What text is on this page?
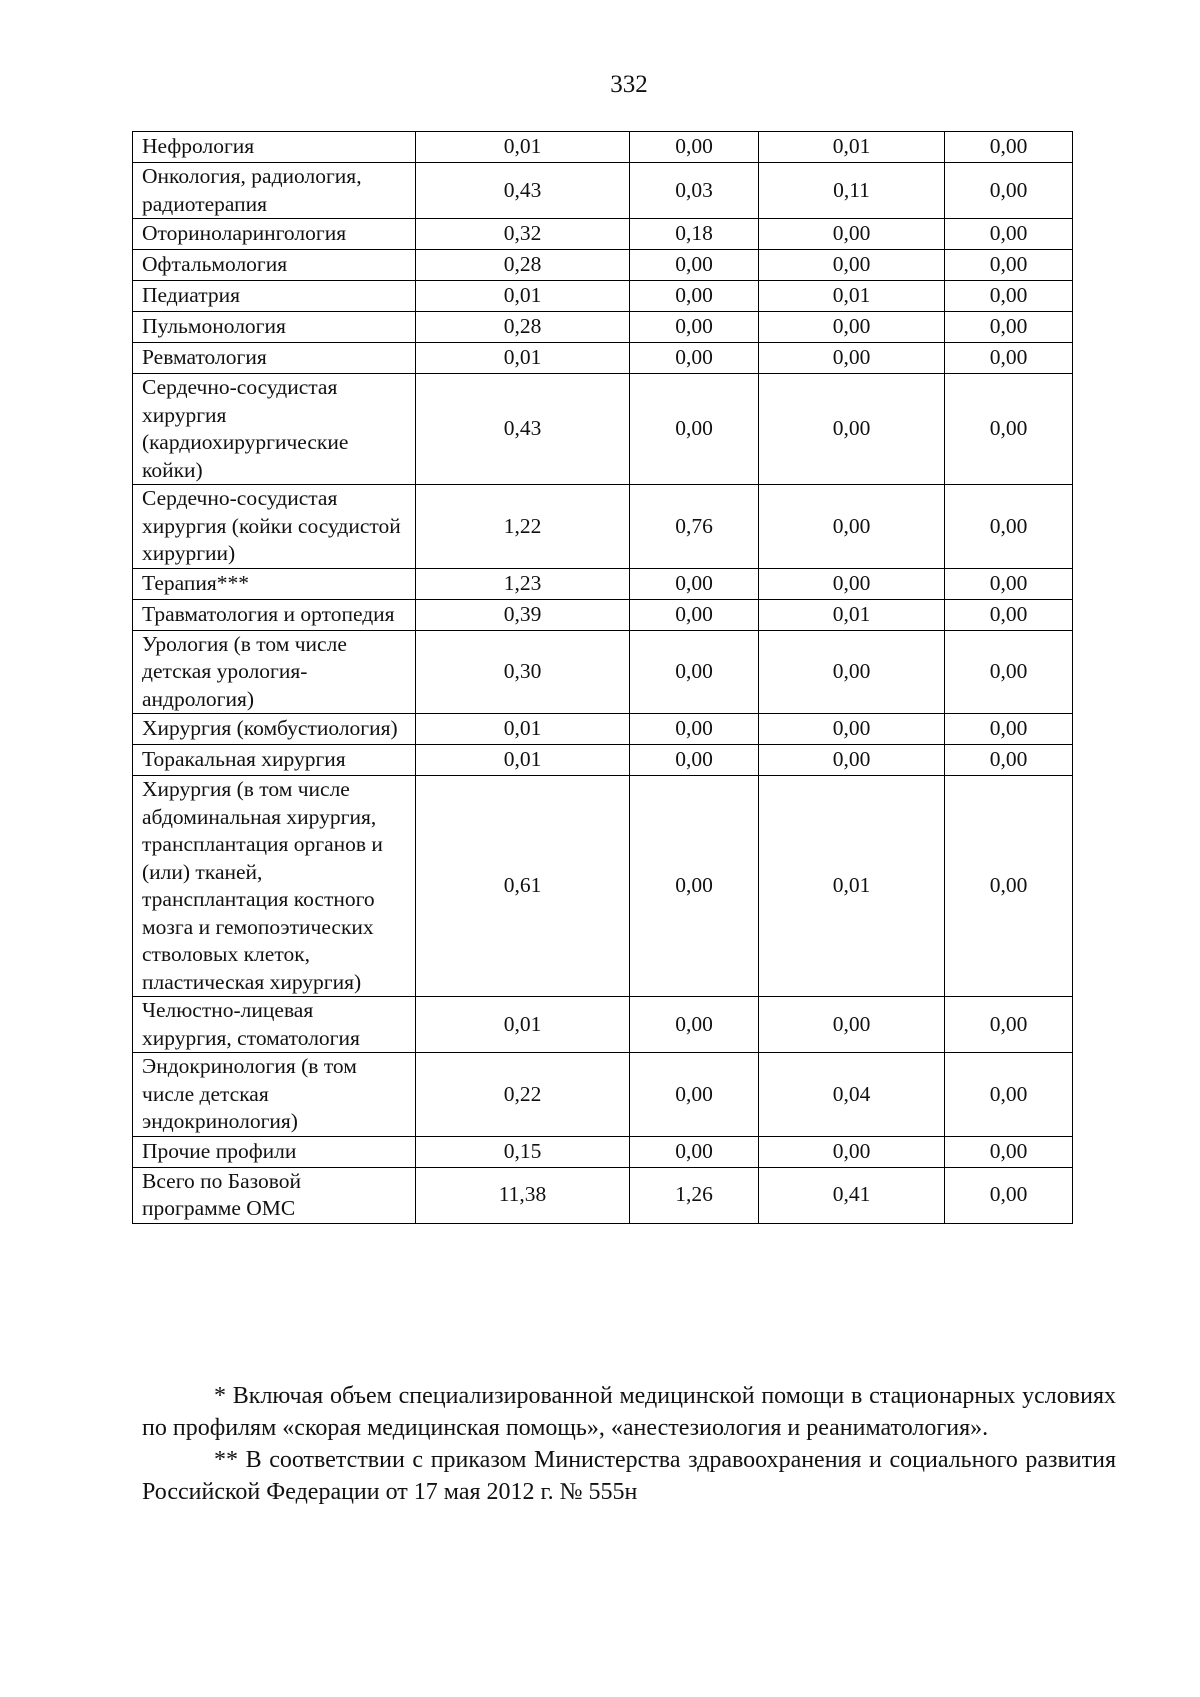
332
Нефрология	0,01	0,00	0,01	0,00
Онкология, радиология, радиотерапия	0,43	0,03	0,11	0,00
Оториноларингология	0,32	0,18	0,00	0,00
Офтальмология	0,28	0,00	0,00	0,00
Педиатрия	0,01	0,00	0,01	0,00
Пульмонология	0,28	0,00	0,00	0,00
Ревматология	0,01	0,00	0,00	0,00
Сердечно-сосудистая хирургия (кардиохирургические койки)	0,43	0,00	0,00	0,00
Сердечно-сосудистая хирургия (койки сосудистой хирургии)	1,22	0,76	0,00	0,00
Терапия***	1,23	0,00	0,00	0,00
Травматология и ортопедия	0,39	0,00	0,01	0,00
Урология (в том числе детская урология-андрология)	0,30	0,00	0,00	0,00
Хирургия (комбустиология)	0,01	0,00	0,00	0,00
Торакальная хирургия	0,01	0,00	0,00	0,00
Хирургия (в том числе абдоминальная хирургия, трансплантация органов и (или) тканей, трансплантация костного мозга и гемопоэтических стволовых клеток, пластическая хирургия)	0,61	0,00	0,01	0,00
Челюстно-лицевая хирургия, стоматология	0,01	0,00	0,00	0,00
Эндокринология (в том числе детская эндокринология)	0,22	0,00	0,04	0,00
Прочие профили	0,15	0,00	0,00	0,00
Всего по Базовой программе ОМС	11,38	1,26	0,41	0,00

* Включая объем специализированной медицинской помощи в стационарных условиях по профилям «скорая медицинская помощь», «анестезиология и реаниматология».

** В соответствии с приказом Министерства здравоохранения и социального развития Российской Федерации от 17 мая 2012 г. № 555н
